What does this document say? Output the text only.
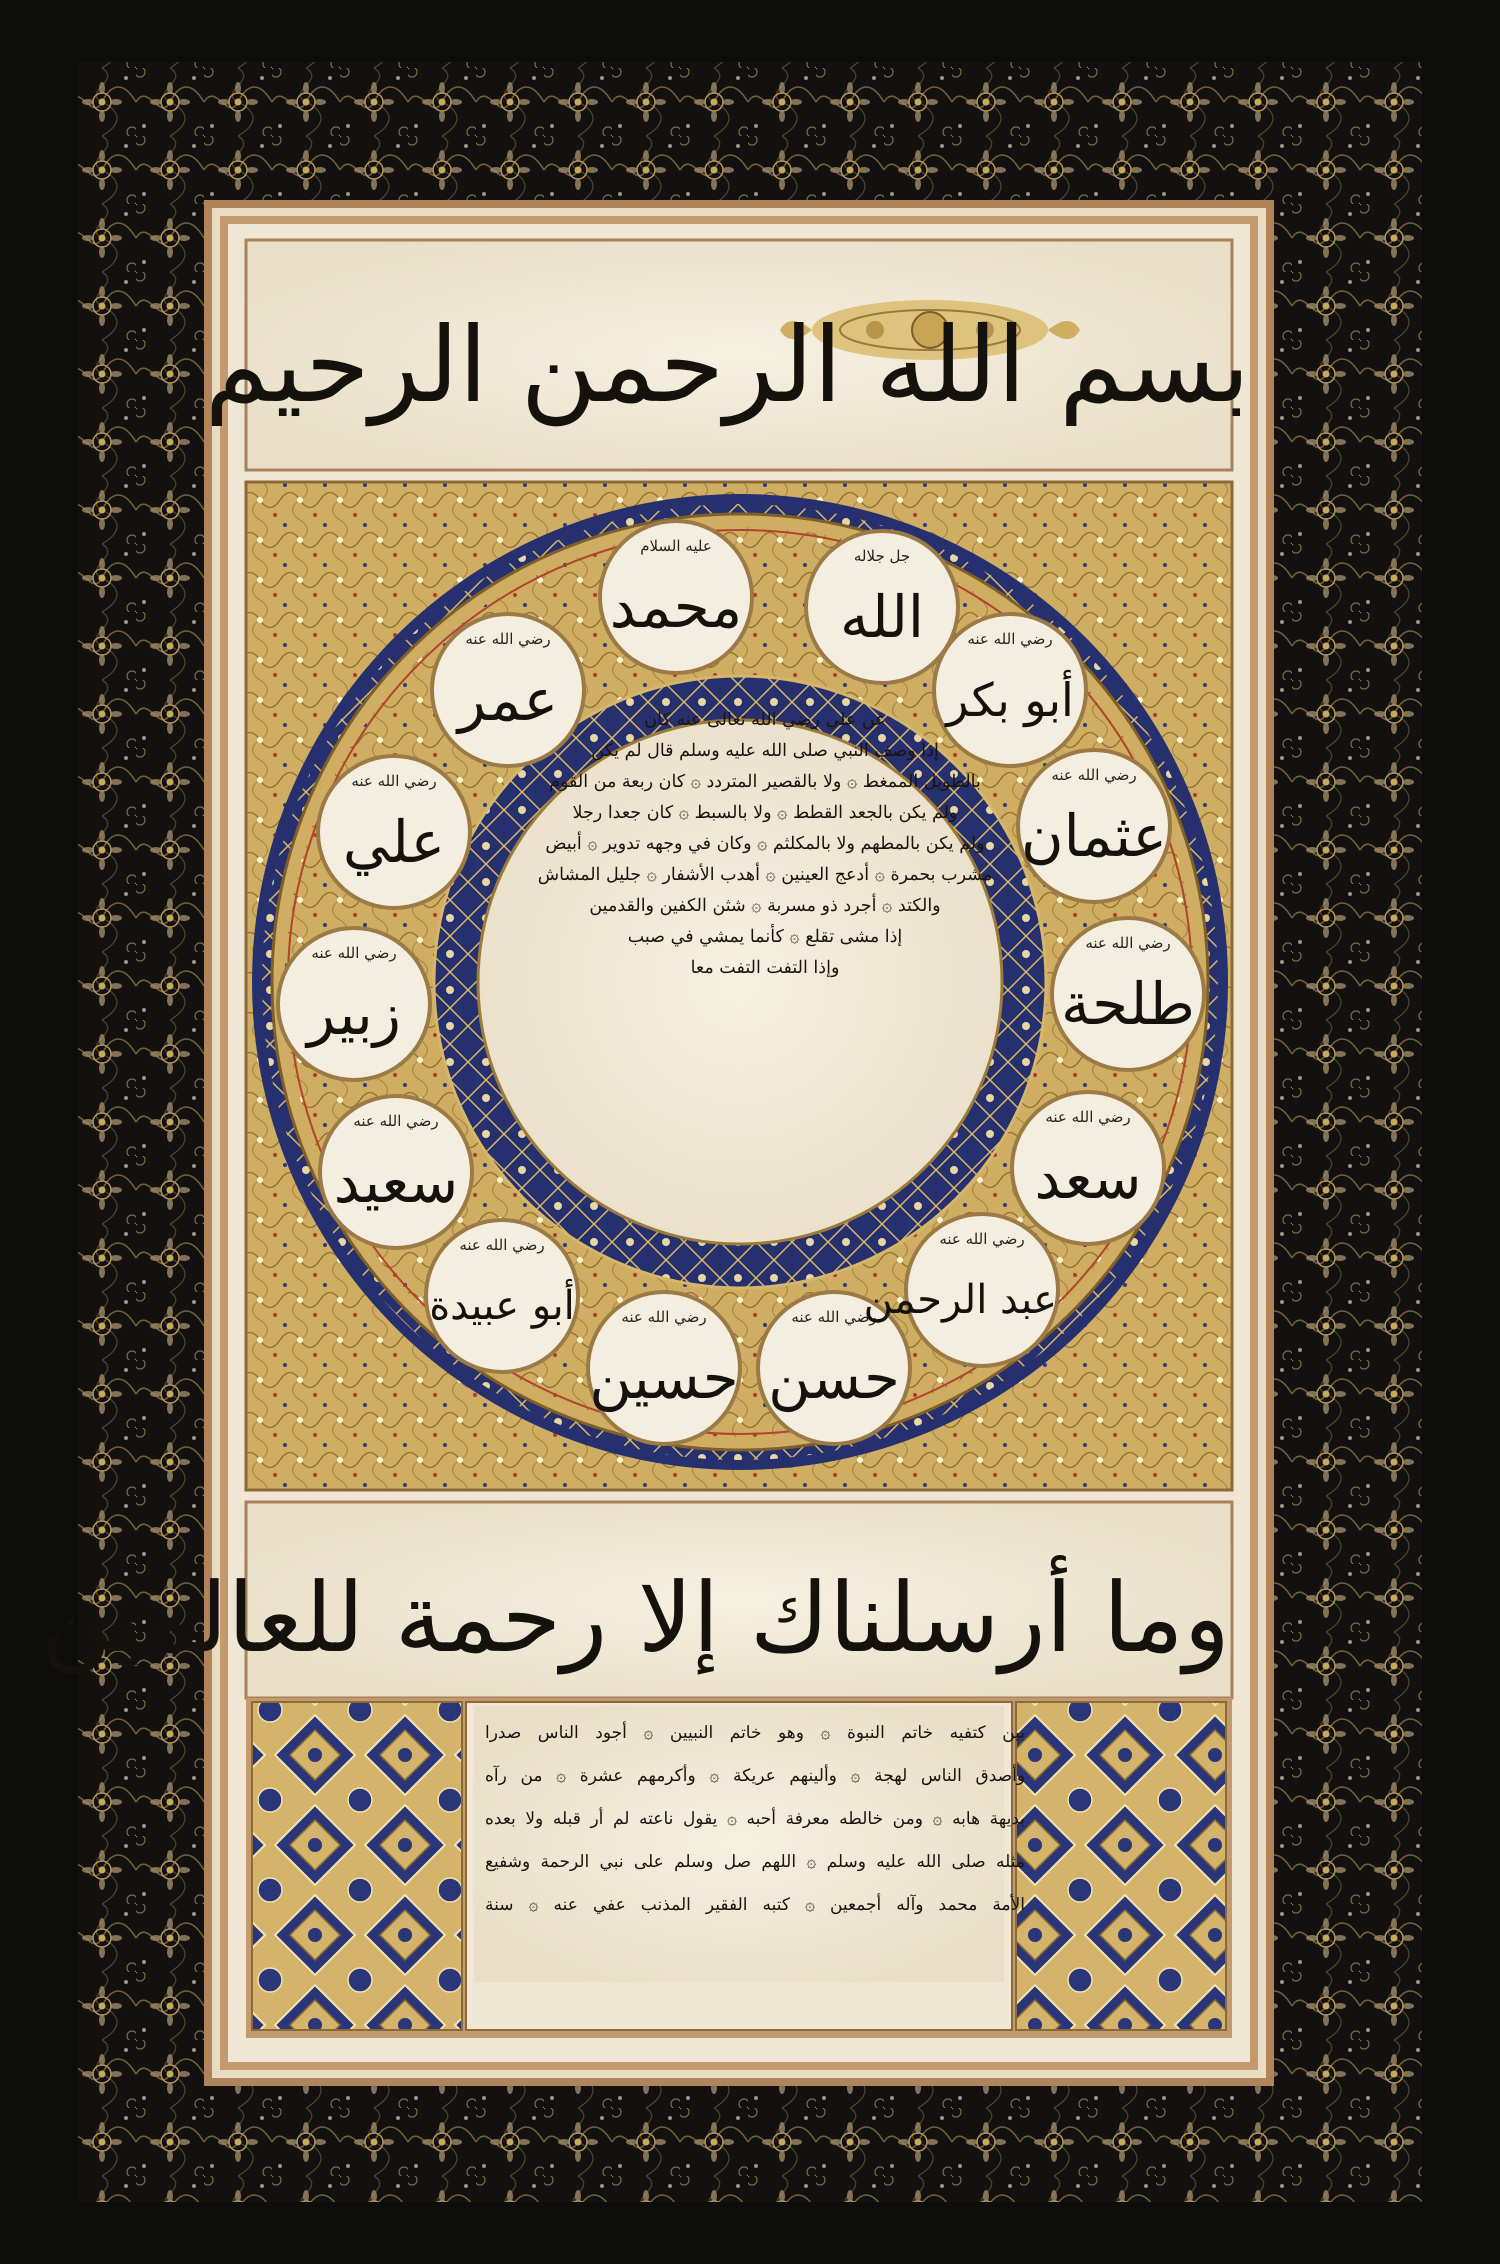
بسم الله الرحمن الرحيم
جل جلاله
الله
عليه السلام
محمد
رضي الله عنه
عمر
رضي الله عنه
علي
رضي الله عنه
زبير
رضي الله عنه
سعيد
رضي الله عنه
أبو عبيدة	رضي الله عنه
حسين
رضي الله عنه
حسن
رضي الله عنه
عبد الرحمن
رضي الله عنه
سعد
رضي الله عنه
طلحة
رضي الله عنه
عثمان
رضي الله عنه
أبو بكر
عن علي رضي الله تعالى عنه كان
إذا وصف النبي صلى الله عليه وسلم قال لم يكن
بالطويل الممغط ۞ ولا بالقصير المتردد ۞ كان ربعة من القوم
ولم يكن بالجعد القطط ۞ ولا بالسبط ۞ كان جعدا رجلا
ولم يكن بالمطهم ولا بالمكلثم ۞ وكان في وجهه تدوير ۞ أبيض
مشرب بحمرة ۞ أدعج العينين ۞ أهدب الأشفار ۞ جليل المشاش
والكتد ۞ أجرد ذو مسربة ۞ شثن الكفين والقدمين
إذا مشى تقلع ۞ كأنما يمشي في صبب
وإذا التفت التفت معا
وما أرسلناك إلا رحمة للعالمين
بين كتفيه خاتم النبوة ۞ وهو خاتم النبيين ۞ أجود الناس صدرا
وأصدق الناس لهجة ۞ وألينهم عريكة ۞ وأكرمهم عشرة ۞ من رآه
بديهة هابه ۞ ومن خالطه معرفة أحبه ۞ يقول ناعته لم أر قبله ولا بعده
مثله صلى الله عليه وسلم ۞ اللهم صل وسلم على نبي الرحمة وشفيع
الأمة محمد وآله أجمعين ۞ كتبه الفقير المذنب عفي عنه ۞ سنة
